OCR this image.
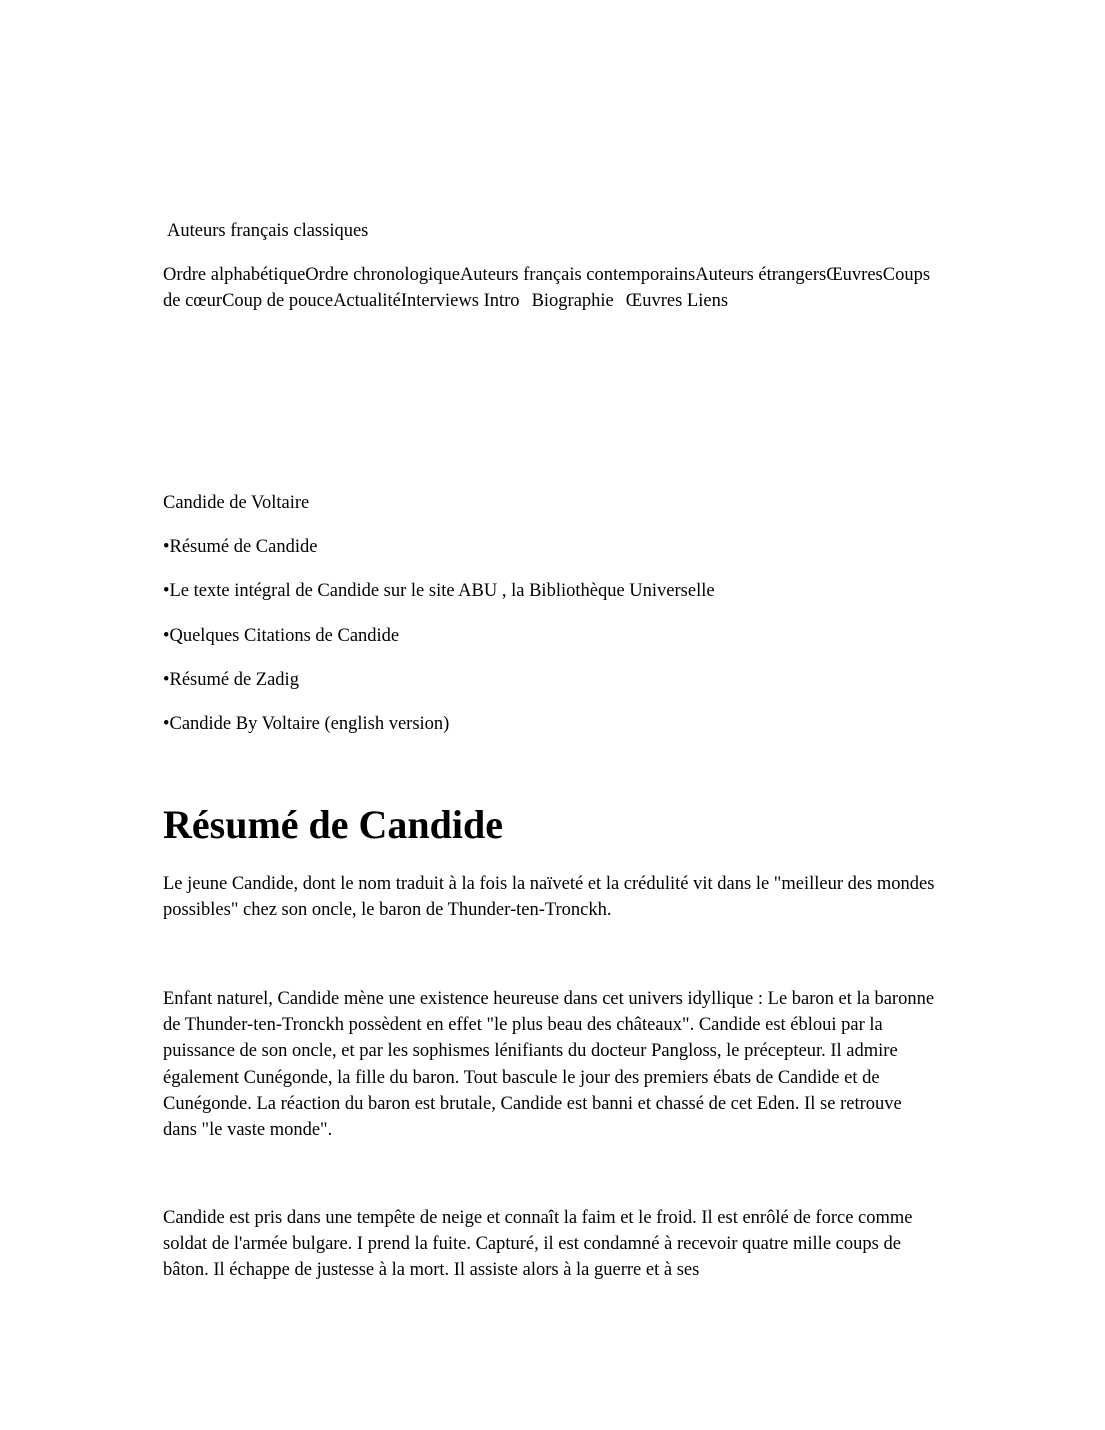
Auteurs français classiques

Ordre alphabétiqueOrdre chronologiqueAuteurs français contemporainsAuteurs étrangersŒuvresCoups de cœurCoup de pouceActualitéInterviews Intro Biographie Œuvres Liens

Candide de Voltaire
•Résumé de Candide
•Le texte intégral de Candide sur le site ABU , la Bibliothèque Universelle
•Quelques Citations de Candide
•Résumé de Zadig
•Candide By Voltaire (english version)
Résumé de Candide

Le jeune Candide, dont le nom traduit à la fois la naïveté et la crédulité vit dans le "meilleur des mondes possibles" chez son oncle, le baron de Thunder-ten-Tronckh.

Enfant naturel, Candide mène une existence heureuse dans cet univers idyllique : Le baron et la baronne de Thunder-ten-Tronckh possèdent en effet "le plus beau des châteaux". Candide est ébloui par la puissance de son oncle, et par les sophismes lénifiants du docteur Pangloss, le précepteur. Il admire également Cunégonde, la fille du baron. Tout bascule le jour des premiers ébats de Candide et de Cunégonde. La réaction du baron est brutale, Candide est banni et chassé de cet Eden. Il se retrouve dans "le vaste monde".

Candide est pris dans une tempête de neige et connaît la faim et le froid. Il est enrôlé de force comme soldat de l'armée bulgare. I prend la fuite. Capturé, il est condamné à recevoir quatre mille coups de bâton. Il échappe de justesse à la mort. Il assiste alors à la guerre et à ses
